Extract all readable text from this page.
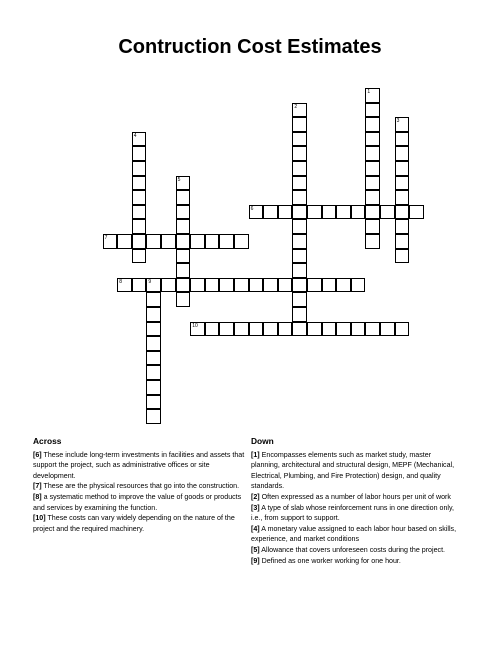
Contruction Cost Estimates
1
2
3
4
5
6
7
8	9
10
Across

[6] These include long-term investments in facilities and assets that support the project, such as administrative offices or site development.

[7] These are the physical resources that go into the construction.

[8] a systematic method to improve the value of goods or products and services by examining the function.

[10] These costs can vary widely depending on the nature of the project and the required machinery.

Down

[1] Encompasses elements such as market study, master planning, architectural and structural design, MEPF (Mechanical, Electrical, Plumbing, and Fire Protection) design, and quality standards.

[2] Often expressed as a number of labor hours per unit of work

[3] A type of slab whose reinforcement runs in one direction only, i.e., from support to support.

[4] A monetary value assigned to each labor hour based on skills, experience, and market conditions

[5] Allowance that covers unforeseen costs during the project.

[9] Defined as one worker working for one hour.
